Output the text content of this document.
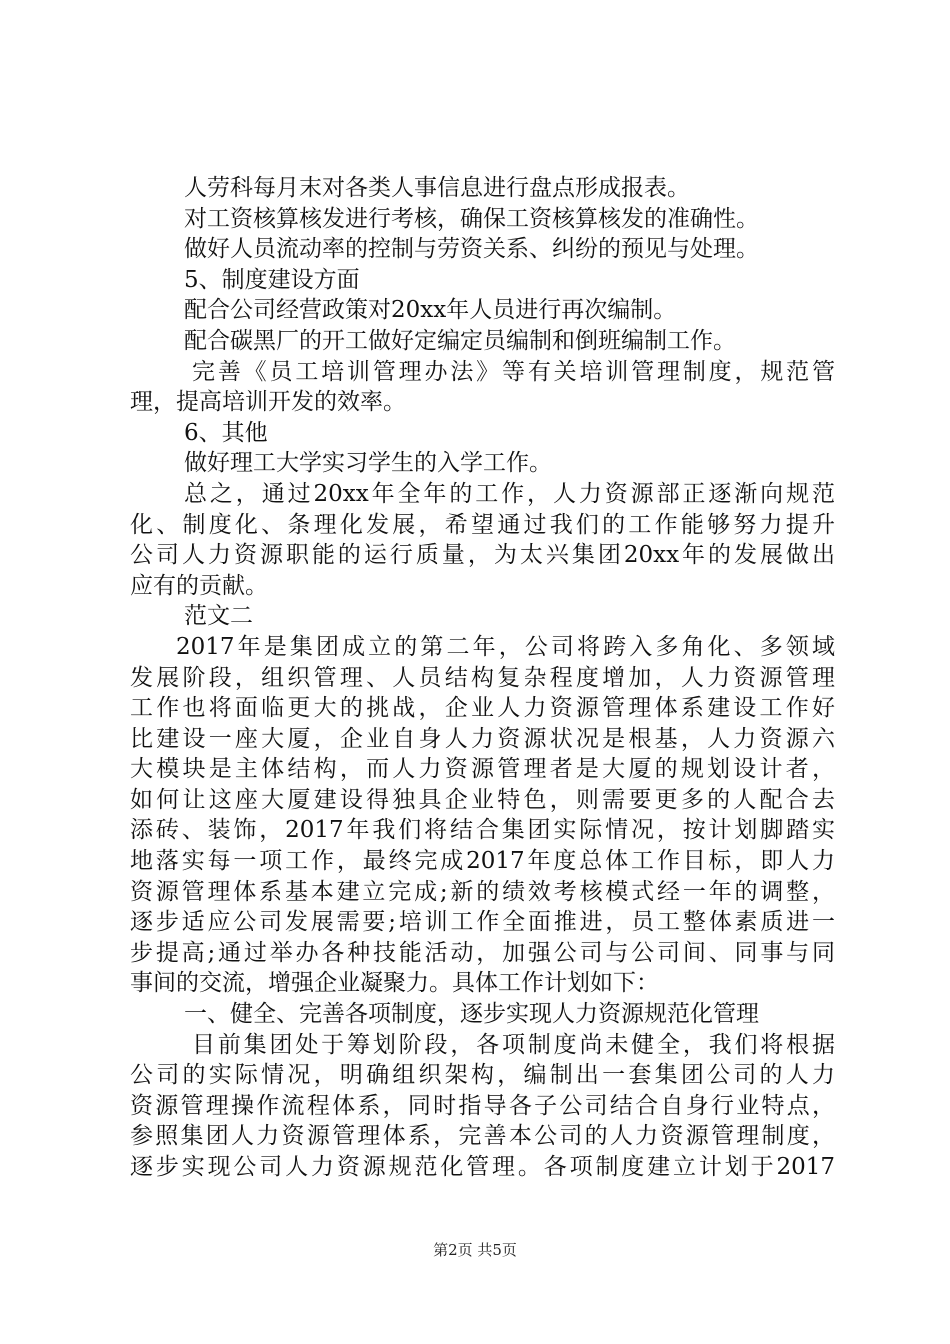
人劳科每月末对各类人事信息进行盘点形成报表。
对工资核算核发进行考核，确保工资核算核发的准确性。
做好人员流动率的控制与劳资关系、纠纷的预见与处理。
5、制度建设方面
配合公司经营政策对20xx年人员进行再次编制。
配合碳黑厂的开工做好定编定员编制和倒班编制工作。
完善《员工培训管理办法》等有关培训管理制度，规范管
理，提高培训开发的效率。
6、其他
做好理工大学实习学生的入学工作。
总之，通过20xx年全年的工作，人力资源部正逐渐向规范
化、制度化、条理化发展，希望通过我们的工作能够努力提升
公司人力资源职能的运行质量，为太兴集团20xx年的发展做出
应有的贡献。
范文二
2017年是集团成立的第二年，公司将跨入多角化、多领域
发展阶段，组织管理、人员结构复杂程度增加，人力资源管理
工作也将面临更大的挑战，企业人力资源管理体系建设工作好
比建设一座大厦，企业自身人力资源状况是根基，人力资源六
大模块是主体结构，而人力资源管理者是大厦的规划设计者，
如何让这座大厦建设得独具企业特色，则需要更多的人配合去
添砖、装饰，2017年我们将结合集团实际情况，按计划脚踏实
地落实每一项工作，最终完成2017年度总体工作目标，即人力
资源管理体系基本建立完成;新的绩效考核模式经一年的调整，
逐步适应公司发展需要;培训工作全面推进，员工整体素质进一
步提高;通过举办各种技能活动，加强公司与公司间、同事与同
事间的交流，增强企业凝聚力。具体工作计划如下：
一、健全、完善各项制度，逐步实现人力资源规范化管理
目前集团处于筹划阶段，各项制度尚未健全，我们将根据
公司的实际情况，明确组织架构，编制出一套集团公司的人力
资源管理操作流程体系，同时指导各子公司结合自身行业特点，
参照集团人力资源管理体系，完善本公司的人力资源管理制度，
逐步实现公司人力资源规范化管理。各项制度建立计划于2017
第2页 共5页
